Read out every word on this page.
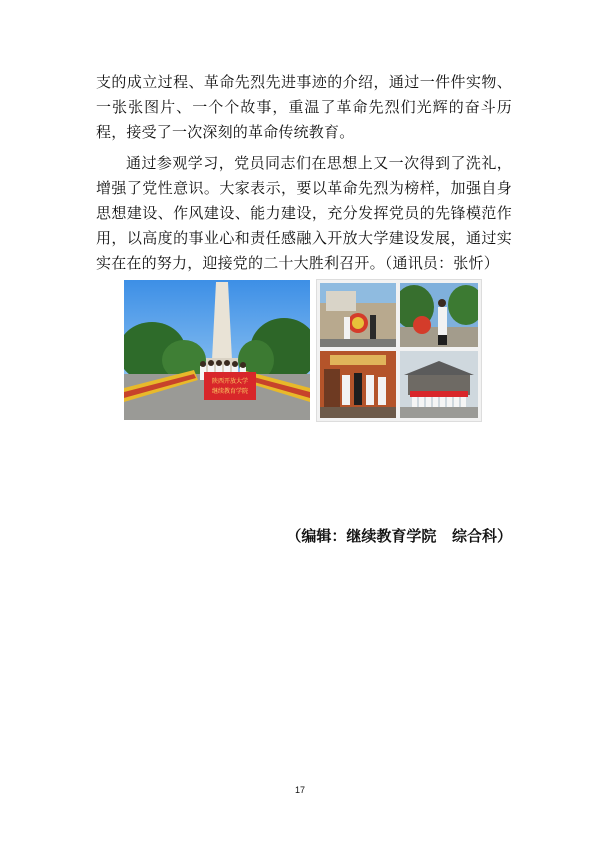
支的成立过程、革命先烈先进事迹的介绍，通过一件件实物、一张张图片、一个个故事，重温了革命先烈们光辉的奋斗历程，接受了一次深刻的革命传统教育。

通过参观学习，党员同志们在思想上又一次得到了洗礼，增强了党性意识。大家表示，要以革命先烈为榜样，加强自身思想建设、作风建设、能力建设，充分发挥党员的先锋模范作用，以高度的事业心和责任感融入开放大学建设发展，通过实实在在的努力，迎接党的二十大胜利召开。（通讯员：张忻）

陕西开放大学
继续教育学院
（编辑：继续教育学院   综合科）
17
